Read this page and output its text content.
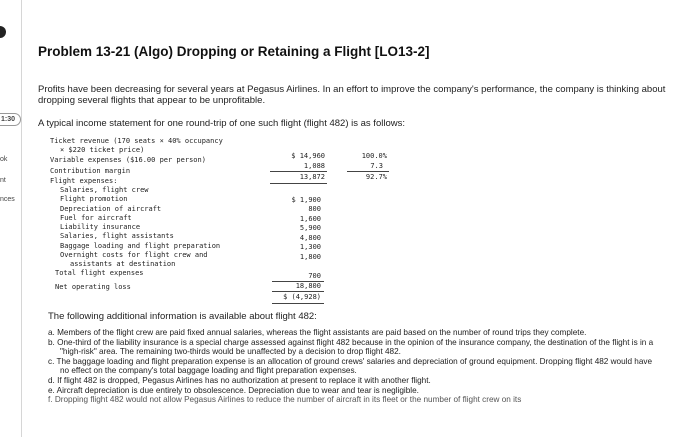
1:30
ok
nt
nces
Problem 13-21 (Algo) Dropping or Retaining a Flight [LO13-2]
Profits have been decreasing for several years at Pegasus Airlines. In an effort to improve the company's performance, the company is thinking about dropping several flights that appear to be unprofitable.
A typical income statement for one round-trip of one such flight (flight 482) is as follows:
Ticket revenue (170 seats × 40% occupancy
× $220 ticket price)
Variable expenses ($16.00 per person)
Contribution margin
Flight expenses:
Salaries, flight crew
Flight promotion
Depreciation of aircraft
Fuel for aircraft
Liability insurance
Salaries, flight assistants
Baggage loading and flight preparation
Overnight costs for flight crew and
assistants at destination
Total flight expenses
Net operating loss
$ 14,960
1,088
13,872
$ 1,900
800
1,600
5,900
4,800
1,300
1,800
700
18,800
$ (4,928)
100.0%
7.3
92.7%
The following additional information is available about flight 482:
a. Members of the flight crew are paid fixed annual salaries, whereas the flight assistants are paid based on the number of round trips they complete.
b. One-third of the liability insurance is a special charge assessed against flight 482 because in the opinion of the insurance company, the destination of the flight is in a "high-risk" area. The remaining two-thirds would be unaffected by a decision to drop flight 482.
c. The baggage loading and flight preparation expense is an allocation of ground crews' salaries and depreciation of ground equipment. Dropping flight 482 would have no effect on the company's total baggage loading and flight preparation expenses.
d. If flight 482 is dropped, Pegasus Airlines has no authorization at present to replace it with another flight.
e. Aircraft depreciation is due entirely to obsolescence. Depreciation due to wear and tear is negligible.
f. Dropping flight 482 would not allow Pegasus Airlines to reduce the number of aircraft in its fleet or the number of flight crew on its
